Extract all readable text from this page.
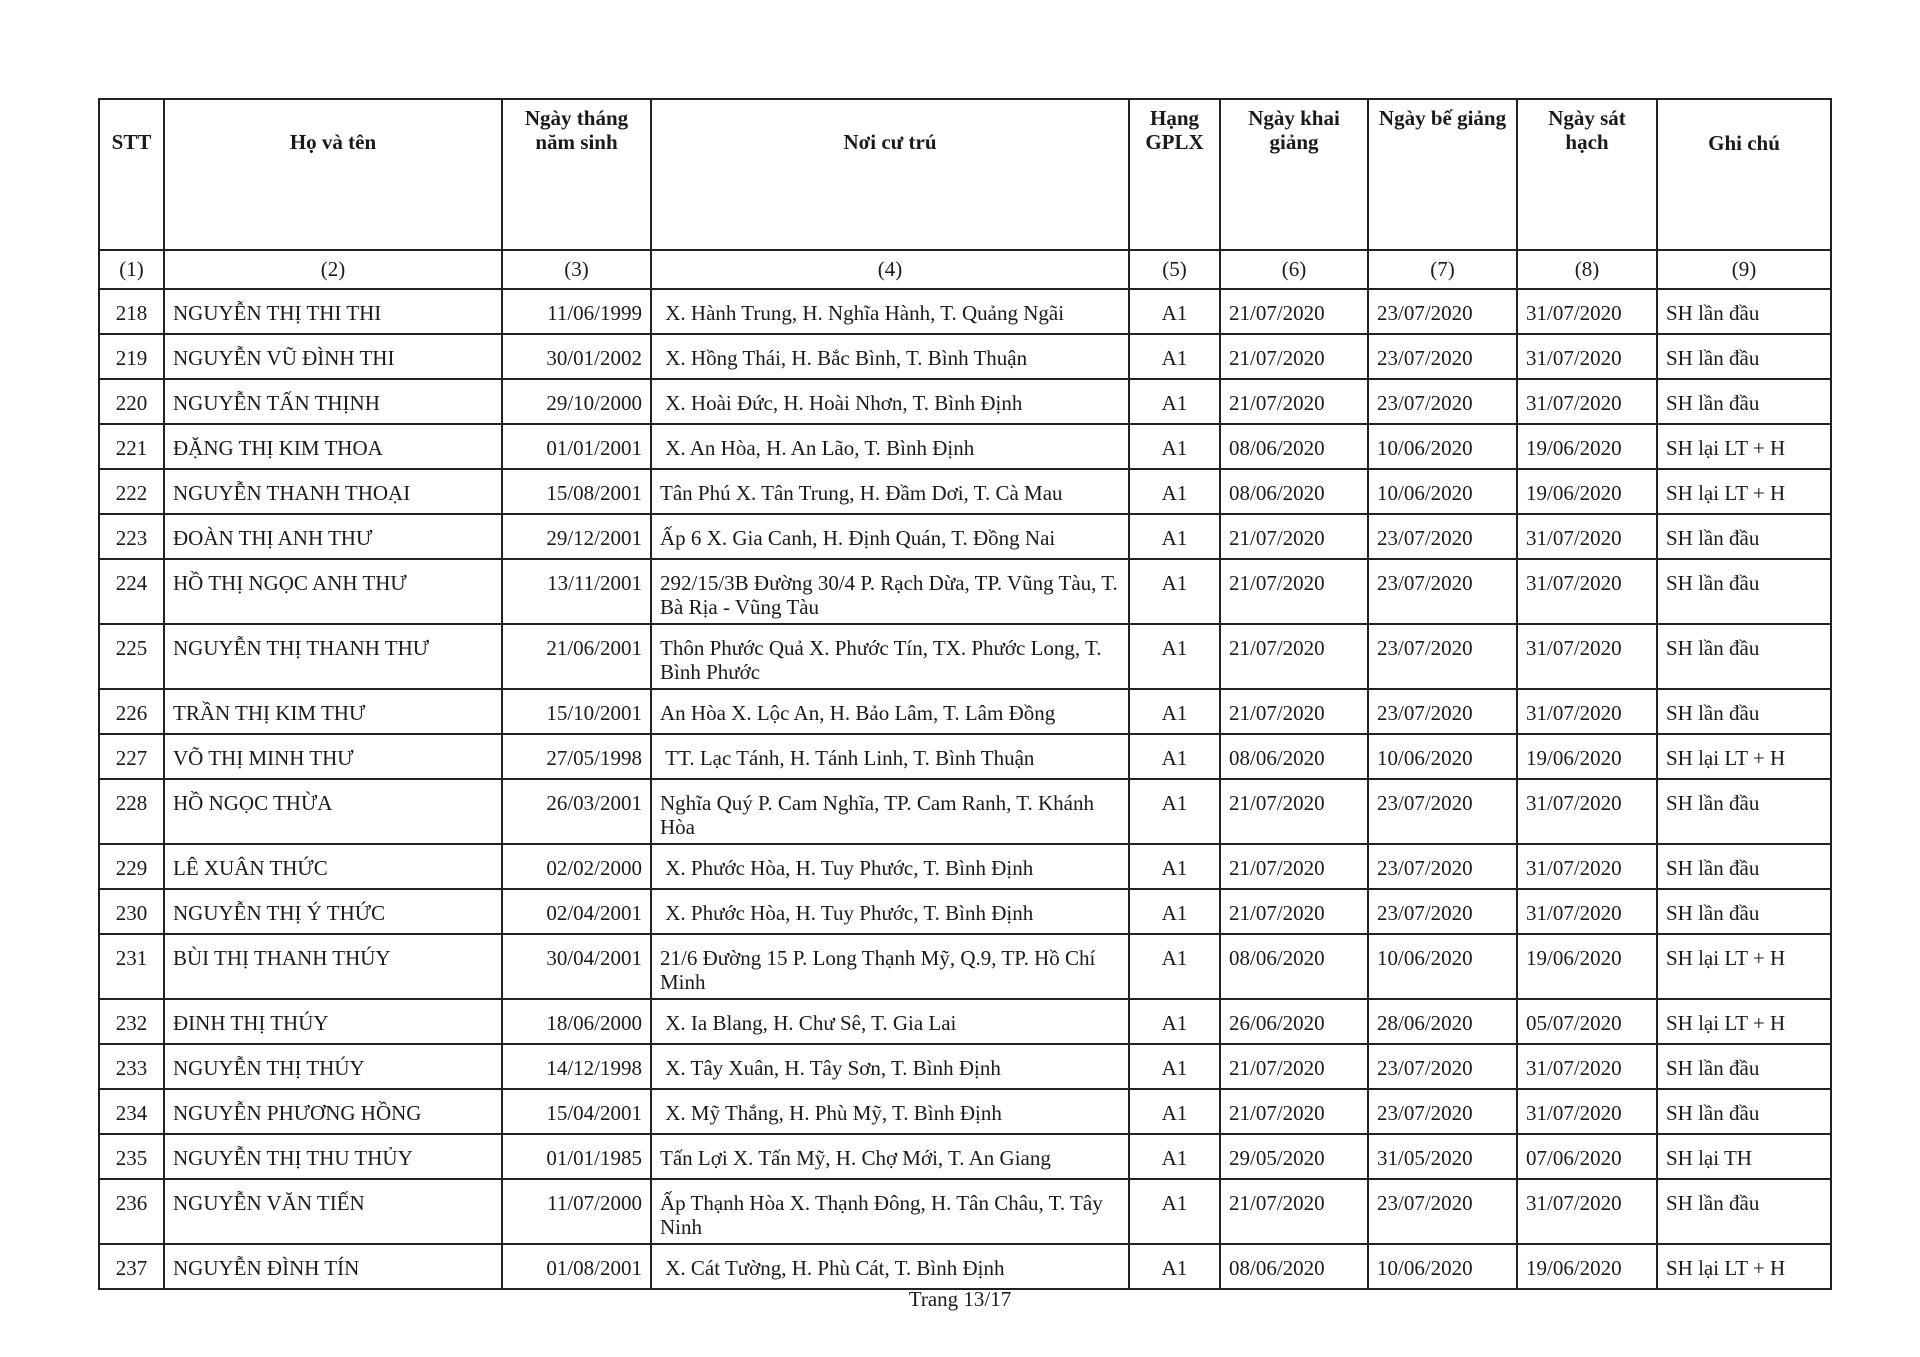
STT	Họ và tên	Ngày tháng năm sinh	Nơi cư trú	Hạng GPLX	Ngày khai giảng	Ngày bế giảng	Ngày sát hạch	Ghi chú
(1)	(2)	(3)	(4)	(5)	(6)	(7)	(8)	(9)
218	NGUYỄN THỊ THI THI	11/06/1999	X. Hành Trung, H. Nghĩa Hành, T. Quảng Ngãi	A1	21/07/2020	23/07/2020	31/07/2020	SH lần đầu
219	NGUYỄN VŨ ĐÌNH THI	30/01/2002	X. Hồng Thái, H. Bắc Bình, T. Bình Thuận	A1	21/07/2020	23/07/2020	31/07/2020	SH lần đầu
220	NGUYỄN TẤN THỊNH	29/10/2000	X. Hoài Đức, H. Hoài Nhơn, T. Bình Định	A1	21/07/2020	23/07/2020	31/07/2020	SH lần đầu
221	ĐẶNG THỊ KIM THOA	01/01/2001	X. An Hòa, H. An Lão, T. Bình Định	A1	08/06/2020	10/06/2020	19/06/2020	SH lại LT + H
222	NGUYỄN THANH THOẠI	15/08/2001	Tân Phú X. Tân Trung, H. Đầm Dơi, T. Cà Mau	A1	08/06/2020	10/06/2020	19/06/2020	SH lại LT + H
223	ĐOÀN THỊ ANH THƯ	29/12/2001	Ấp 6 X. Gia Canh, H. Định Quán, T. Đồng Nai	A1	21/07/2020	23/07/2020	31/07/2020	SH lần đầu
224	HỒ THỊ NGỌC ANH THƯ	13/11/2001	292/15/3B Đường 30/4 P. Rạch Dừa, TP. Vũng Tàu, T. Bà Rịa - Vũng Tàu	A1	21/07/2020	23/07/2020	31/07/2020	SH lần đầu
225	NGUYỄN THỊ THANH THƯ	21/06/2001	Thôn Phước Quả X. Phước Tín, TX. Phước Long, T. Bình Phước	A1	21/07/2020	23/07/2020	31/07/2020	SH lần đầu
226	TRẦN THỊ KIM THƯ	15/10/2001	An Hòa X. Lộc An, H. Bảo Lâm, T. Lâm Đồng	A1	21/07/2020	23/07/2020	31/07/2020	SH lần đầu
227	VÕ THỊ MINH THƯ	27/05/1998	TT. Lạc Tánh, H. Tánh Linh, T. Bình Thuận	A1	08/06/2020	10/06/2020	19/06/2020	SH lại LT + H
228	HỒ NGỌC THỪA	26/03/2001	Nghĩa Quý P. Cam Nghĩa, TP. Cam Ranh, T. Khánh Hòa	A1	21/07/2020	23/07/2020	31/07/2020	SH lần đầu
229	LÊ XUÂN THỨC	02/02/2000	X. Phước Hòa, H. Tuy Phước, T. Bình Định	A1	21/07/2020	23/07/2020	31/07/2020	SH lần đầu
230	NGUYỄN THỊ Ý THỨC	02/04/2001	X. Phước Hòa, H. Tuy Phước, T. Bình Định	A1	21/07/2020	23/07/2020	31/07/2020	SH lần đầu
231	BÙI THỊ THANH THÚY	30/04/2001	21/6 Đường 15 P. Long Thạnh Mỹ, Q.9, TP. Hồ Chí Minh	A1	08/06/2020	10/06/2020	19/06/2020	SH lại LT + H
232	ĐINH THỊ THÚY	18/06/2000	X. Ia Blang, H. Chư Sê, T. Gia Lai	A1	26/06/2020	28/06/2020	05/07/2020	SH lại LT + H
233	NGUYỄN THỊ THÚY	14/12/1998	X. Tây Xuân, H. Tây Sơn, T. Bình Định	A1	21/07/2020	23/07/2020	31/07/2020	SH lần đầu
234	NGUYỄN PHƯƠNG HỒNG	15/04/2001	X. Mỹ Thắng, H. Phù Mỹ, T. Bình Định	A1	21/07/2020	23/07/2020	31/07/2020	SH lần đầu
235	NGUYỄN THỊ THU THỦY	01/01/1985	Tấn Lợi X. Tấn Mỹ, H. Chợ Mới, T. An Giang	A1	29/05/2020	31/05/2020	07/06/2020	SH lại TH
236	NGUYỄN VĂN TIẾN	11/07/2000	Ấp Thạnh Hòa X. Thạnh Đông, H. Tân Châu, T. Tây Ninh	A1	21/07/2020	23/07/2020	31/07/2020	SH lần đầu
237	NGUYỄN ĐÌNH TÍN	01/08/2001	X. Cát Tường, H. Phù Cát, T. Bình Định	A1	08/06/2020	10/06/2020	19/06/2020	SH lại LT + H
Trang 13/17
